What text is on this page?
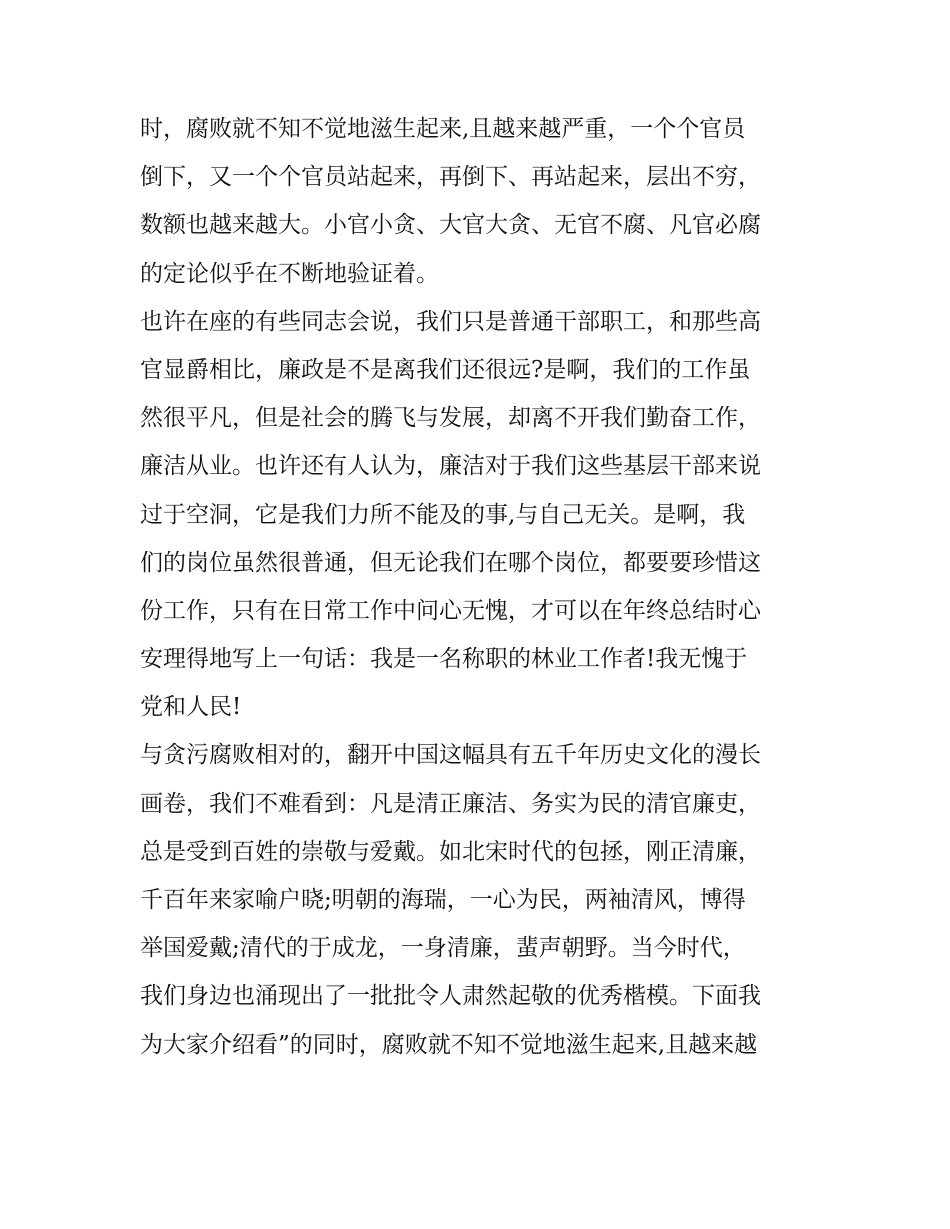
时，腐败就不知不觉地滋生起来,且越来越严重，一个个官员
倒下，又一个个官员站起来，再倒下、再站起来，层出不穷，
数额也越来越大。小官小贪、大官大贪、无官不腐、凡官必腐
的定论似乎在不断地验证着。
也许在座的有些同志会说，我们只是普通干部职工，和那些高
官显爵相比，廉政是不是离我们还很远?是啊，我们的工作虽
然很平凡，但是社会的腾飞与发展，却离不开我们勤奋工作，
廉洁从业。也许还有人认为，廉洁对于我们这些基层干部来说
过于空洞，它是我们力所不能及的事,与自己无关。是啊，我
们的岗位虽然很普通，但无论我们在哪个岗位，都要要珍惜这
份工作，只有在日常工作中问心无愧，才可以在年终总结时心
安理得地写上一句话：我是一名称职的林业工作者!我无愧于
党和人民!
与贪污腐败相对的，翻开中国这幅具有五千年历史文化的漫长
画卷，我们不难看到：凡是清正廉洁、务实为民的清官廉吏，
总是受到百姓的崇敬与爱戴。如北宋时代的包拯，刚正清廉，
千百年来家喻户晓;明朝的海瑞，一心为民，两袖清风，博得
举国爱戴;清代的于成龙，一身清廉，蜚声朝野。当今时代，
我们身边也涌现出了一批批令人肃然起敬的优秀楷模。下面我
为大家介绍看”的同时，腐败就不知不觉地滋生起来,且越来越
